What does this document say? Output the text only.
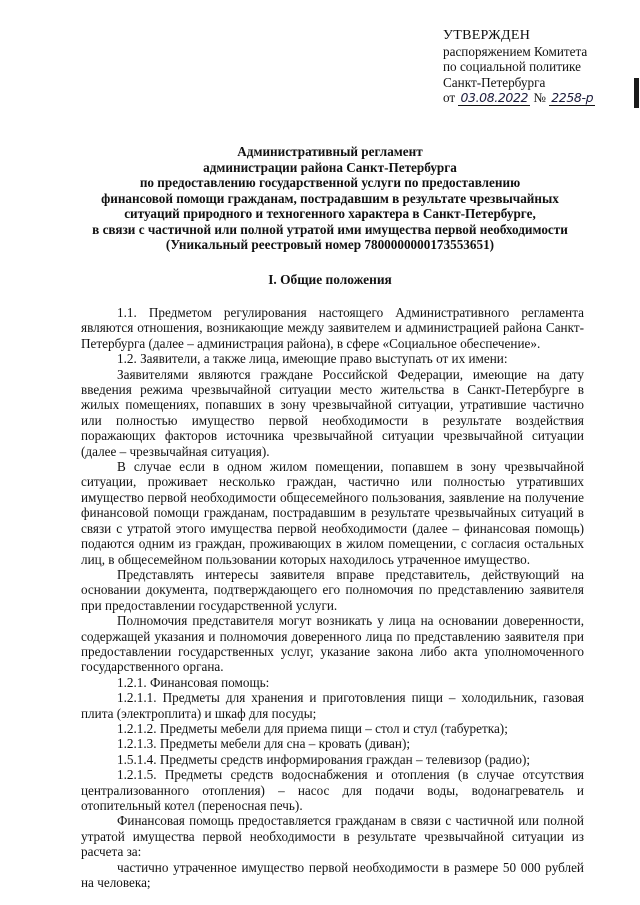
УТВЕРЖДЕН
распоряжением Комитета
по социальной политике
Санкт-Петербурга
от 03.08.2022 № 2258-р
Административный регламент
администрации района Санкт-Петербурга
по предоставлению государственной услуги по предоставлению
финансовой помощи гражданам, пострадавшим в результате чрезвычайных
ситуаций природного и техногенного характера в Санкт-Петербурге,
в связи с частичной или полной утратой ими имущества первой необходимости
(Уникальный реестровый номер 7800000000173553651)
I. Общие положения

1.1. Предметом регулирования настоящего Административного регламента являются отношения, возникающие между заявителем и администрацией района Санкт-Петербурга (далее – администрация района), в сфере «Социальное обеспечение».

1.2. Заявители, а также лица, имеющие право выступать от их имени:

Заявителями являются граждане Российской Федерации, имеющие на дату введения режима чрезвычайной ситуации место жительства в Санкт-Петербурге в жилых помещениях, попавших в зону чрезвычайной ситуации, утратившие частично или полностью имущество первой необходимости в результате воздействия поражающих факторов источника чрезвычайной ситуации чрезвычайной ситуации (далее – чрезвычайная ситуация).

В случае если в одном жилом помещении, попавшем в зону чрезвычайной ситуации, проживает несколько граждан, частично или полностью утративших имущество первой необходимости общесемейного пользования, заявление на получение финансовой помощи гражданам, пострадавшим в результате чрезвычайных ситуаций в связи с утратой этого имущества первой необходимости (далее – финансовая помощь) подаются одним из граждан, проживающих в жилом помещении, с согласия остальных лиц, в общесемейном пользовании которых находилось утраченное имущество.

Представлять интересы заявителя вправе представитель, действующий на основании документа, подтверждающего его полномочия по представлению заявителя при предоставлении государственной услуги.

Полномочия представителя могут возникать у лица на основании доверенности, содержащей указания и полномочия доверенного лица по представлению заявителя при предоставлении государственных услуг, указание закона либо акта уполномоченного государственного органа.

1.2.1. Финансовая помощь:

1.2.1.1. Предметы для хранения и приготовления пищи – холодильник, газовая плита (электроплита) и шкаф для посуды;

1.2.1.2. Предметы мебели для приема пищи – стол и стул (табуретка);

1.2.1.3. Предметы мебели для сна – кровать (диван);

1.5.1.4. Предметы средств информирования граждан – телевизор (радио);

1.2.1.5. Предметы средств водоснабжения и отопления (в случае отсутствия централизованного отопления) – насос для подачи воды, водонагреватель и отопительный котел (переносная печь).

Финансовая помощь предоставляется гражданам в связи с частичной или полной утратой имущества первой необходимости в результате чрезвычайной ситуации из расчета за:

частично утраченное имущество первой необходимости в размере 50 000 рублей на человека;
